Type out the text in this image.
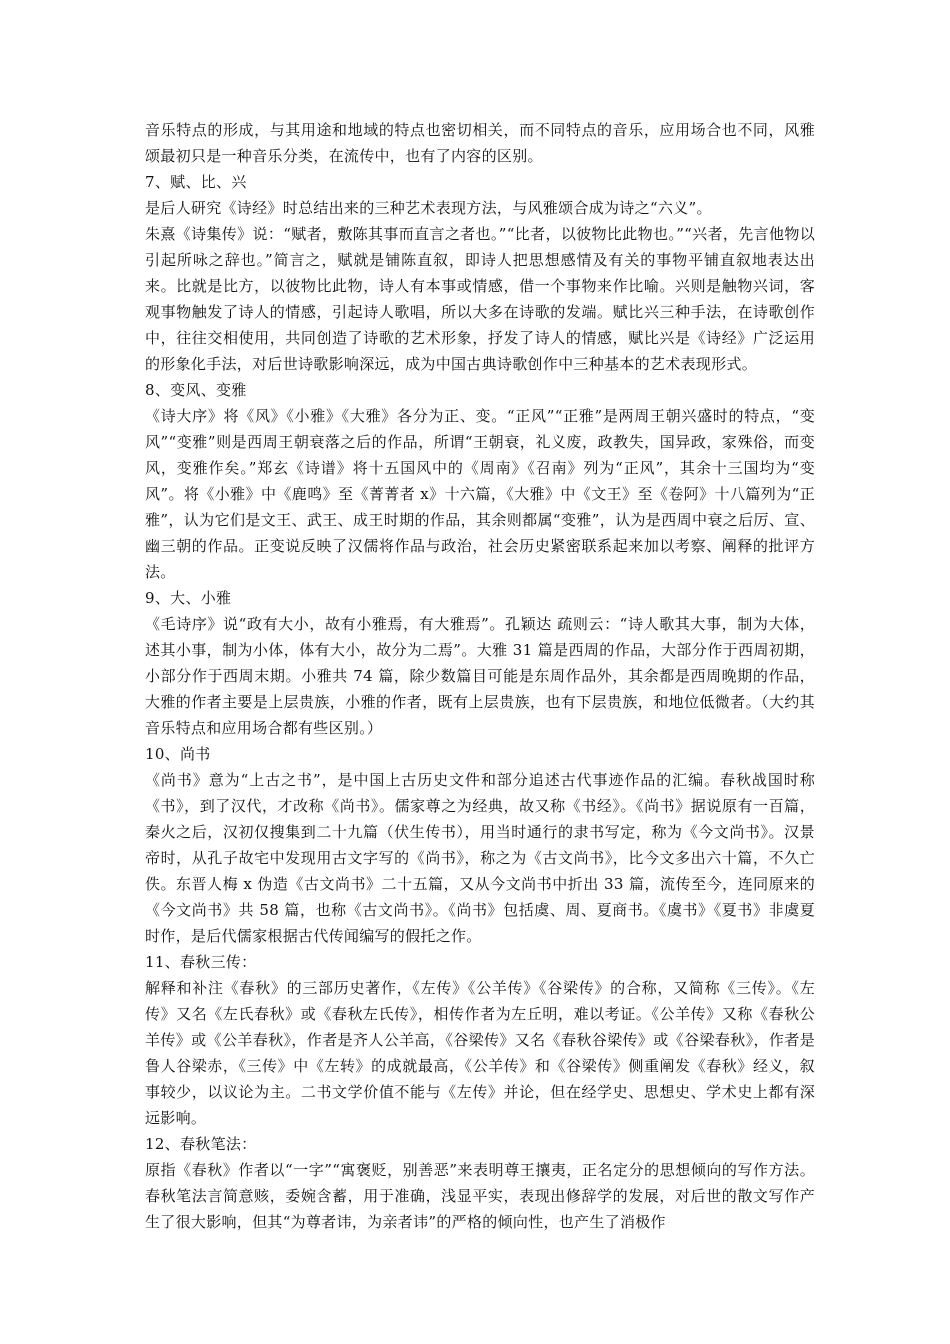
音乐特点的形成，与其用途和地域的特点也密切相关，而不同特点的音乐，应用场合也不同，风雅颂最初只是一种音乐分类，在流传中，也有了内容的区别。

7、赋、比、兴

是后人研究《诗经》时总结出来的三种艺术表现方法，与风雅颂合成为诗之“六义”。

朱熹《诗集传》说：“赋者，敷陈其事而直言之者也。”“比者，以彼物比此物也。”“兴者，先言他物以引起所咏之辞也。”简言之，赋就是铺陈直叙，即诗人把思想感情及有关的事物平铺直叙地表达出来。比就是比方，以彼物比此物，诗人有本事或情感，借一个事物来作比喻。兴则是触物兴词，客观事物触发了诗人的情感，引起诗人歌唱，所以大多在诗歌的发端。赋比兴三种手法，在诗歌创作中，往往交相使用，共同创造了诗歌的艺术形象，抒发了诗人的情感，赋比兴是《诗经》广泛运用的形象化手法，对后世诗歌影响深远，成为中国古典诗歌创作中三种基本的艺术表现形式。

8、变风、变雅

《诗大序》将《风》《小雅》《大雅》各分为正、变。“正风”“正雅”是两周王朝兴盛时的特点，“变风”“变雅”则是西周王朝衰落之后的作品，所谓“王朝衰，礼义废，政教失，国异政，家殊俗，而变风，变雅作矣。”郑玄《诗谱》将十五国风中的《周南》《召南》列为“正风”，其余十三国均为“变风”。将《小雅》中《鹿鸣》至《菁菁者 x》十六篇，《大雅》中《文王》至《卷阿》十八篇列为“正雅”，认为它们是文王、武王、成王时期的作品，其余则都属“变雅”，认为是西周中衰之后厉、宣、幽三朝的作品。正变说反映了汉儒将作品与政治，社会历史紧密联系起来加以考察、阐释的批评方法。

9、大、小雅

《毛诗序》说“政有大小，故有小雅焉，有大雅焉”。孔颖达 疏则云：“诗人歌其大事，制为大体，述其小事，制为小体，体有大小，故分为二焉”。大雅 31 篇是西周的作品，大部分作于西周初期，小部分作于西周末期。小雅共 74 篇，除少数篇目可能是东周作品外，其余都是西周晚期的作品，大雅的作者主要是上层贵族，小雅的作者，既有上层贵族，也有下层贵族，和地位低微者。（大约其音乐特点和应用场合都有些区别。）

10、尚书

《尚书》意为“上古之书”，是中国上古历史文件和部分追述古代事迹作品的汇编。春秋战国时称《书》，到了汉代，才改称《尚书》。儒家尊之为经典，故又称《书经》。《尚书》据说原有一百篇，秦火之后，汉初仅搜集到二十九篇（伏生传书），用当时通行的隶书写定，称为《今文尚书》。汉景帝时，从孔子故宅中发现用古文字写的《尚书》，称之为《古文尚书》，比今文多出六十篇，不久亡佚。东晋人梅 x 伪造《古文尚书》二十五篇，又从今文尚书中折出 33 篇，流传至今，连同原来的《今文尚书》共 58 篇，也称《古文尚书》。《尚书》包括虞、周、夏商书。《虞书》《夏书》非虞夏时作，是后代儒家根据古代传闻编写的假托之作。

11、春秋三传：

解释和补注《春秋》的三部历史著作，《左传》《公羊传》《谷梁传》的合称，又简称《三传》。《左传》又名《左氏春秋》或《春秋左氏传》，相传作者为左丘明，难以考证。《公羊传》又称《春秋公羊传》或《公羊春秋》，作者是齐人公羊高，《谷梁传》又名《春秋谷梁传》或《谷梁春秋》，作者是鲁人谷梁赤，《三传》中《左转》的成就最高，《公羊传》和《谷梁传》侧重阐发《春秋》经义，叙事较少，以议论为主。二书文学价值不能与《左传》并论，但在经学史、思想史、学术史上都有深远影响。

12、春秋笔法：

原指《春秋》作者以“一字”“寓褒贬，别善恶”来表明尊王攘夷，正名定分的思想倾向的写作方法。春秋笔法言简意赅，委婉含蓄，用于准确，浅显平实，表现出修辞学的发展，对后世的散文写作产生了很大影响，但其“为尊者讳，为亲者讳”的严格的倾向性，也产生了消极作
